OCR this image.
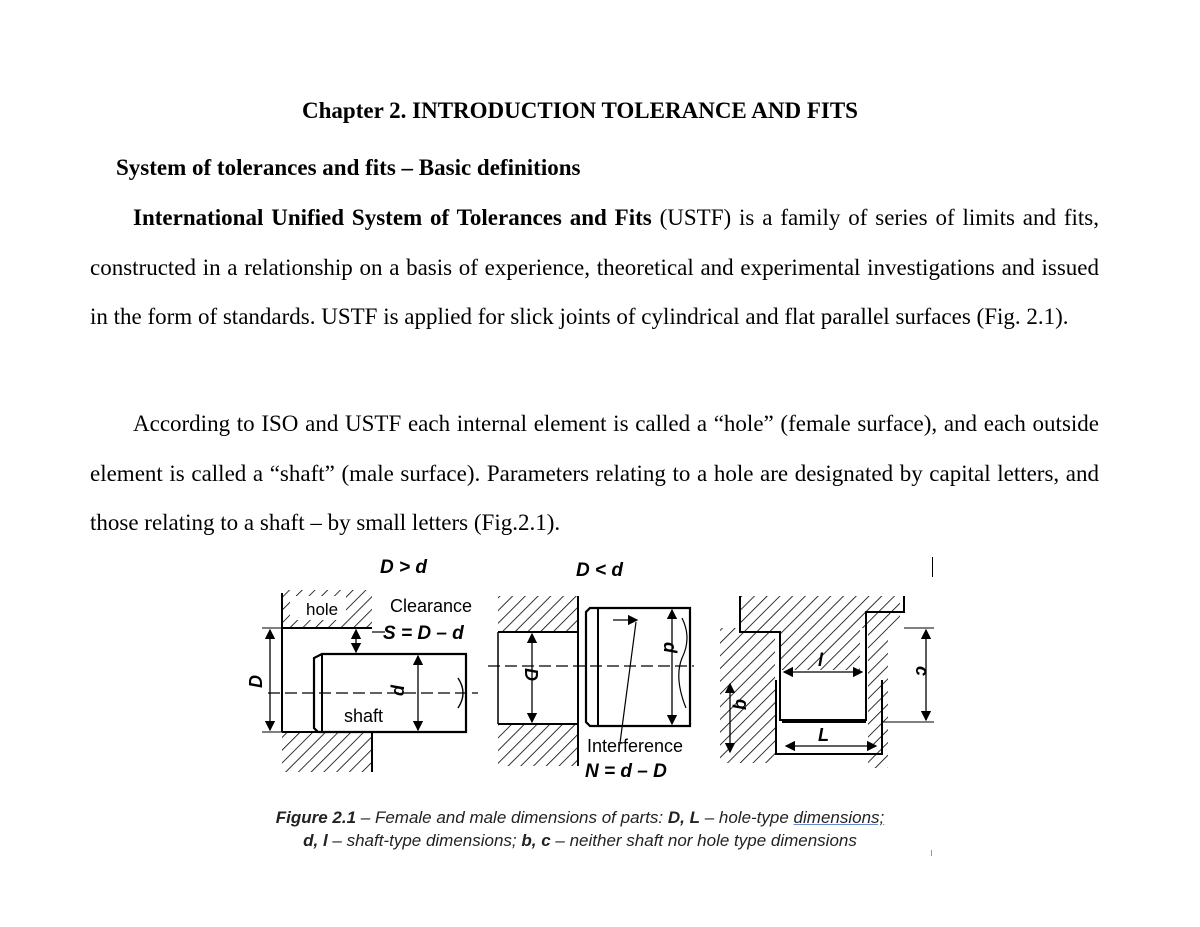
Chapter 2. INTRODUCTION TOLERANCE AND FITS
System of tolerances and fits – Basic definitions

International Unified System of Tolerances and Fits (USTF) is a family of series of limits and fits, constructed in a relationship on a basis of experience, theoretical and experimental investigations and issued in the form of standards. USTF is applied for slick joints of cylindrical and flat parallel surfaces (Fig. 2.1).

According to ISO and USTF each internal element is called a “hole” (female surface), and each outside element is called a “shaft” (male surface). Parameters relating to a hole are designated by capital letters, and those relating to a shaft – by small letters (Fig.2.1).

D > d
hole
D
d
Clearance
S = D – d
shaft
D < d
D
d
Interference
N = d – D
l
L
b
c
Figure 2.1 – Female and male dimensions of parts: D, L – hole-type dimensions;
d, l – shaft-type dimensions; b, c – neither shaft nor hole type dimensions
